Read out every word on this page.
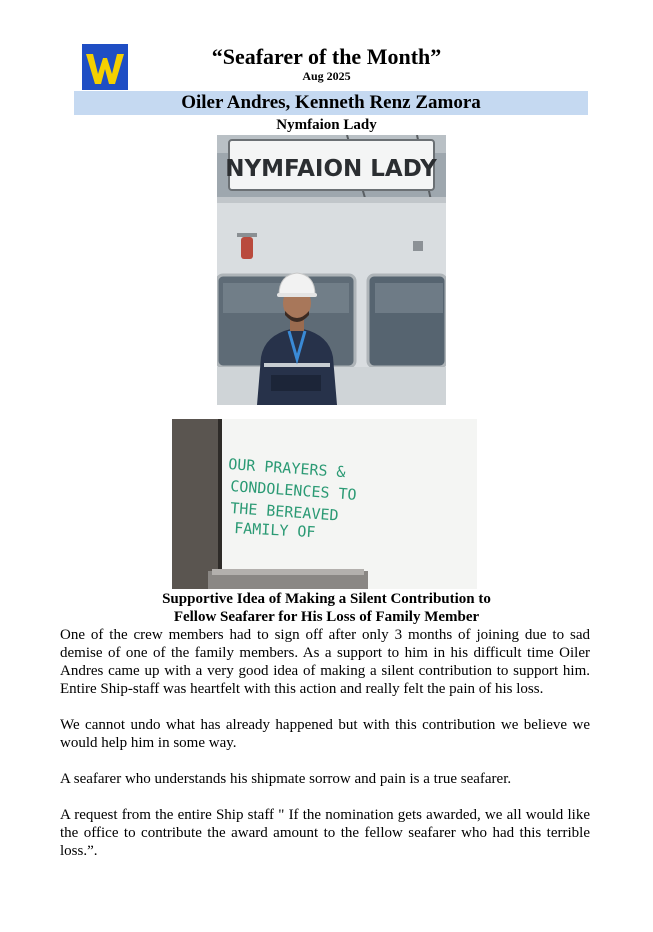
“Seafarer of the Month”
Aug 2025
Oiler Andres, Kenneth Renz Zamora
Nymfaion Lady
NYMFAION LADY
OUR PRAYERS &
CONDOLENCES TO
THE BEREAVED
FAMILY OF
Supportive Idea of Making a Silent Contribution to
Fellow Seafarer for His Loss of Family Member

One of the crew members had to sign off after only 3 months of joining due to sad demise of one of the family members. As a support to him in his difficult time Oiler Andres came up with a very good idea of making a silent contribution to support him. Entire Ship-staff was heartfelt with this action and really felt the pain of his loss.

We cannot undo what has already happened but with this contribution we believe we would help him in some way.

A seafarer who understands his shipmate sorrow and pain is a true seafarer.

A request from the entire Ship staff " If the nomination gets awarded, we all would like the office to contribute the award amount to the fellow seafarer who had this terrible loss.”.
